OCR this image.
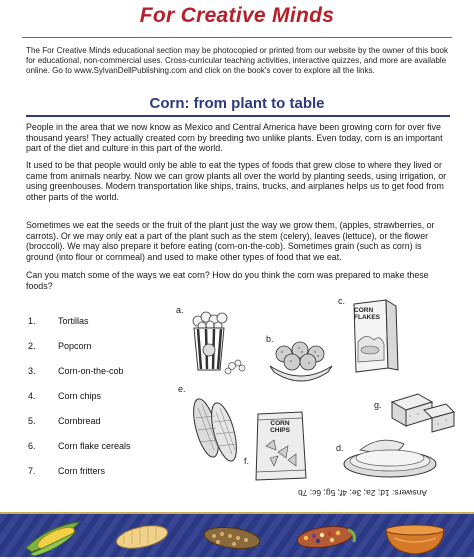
For Creative Minds
The For Creative Minds educational section may be photocopied or printed from our website by the owner of this book for educational, non-commercial uses. Cross-curricular teaching activities, interactive quizzes, and more are available online. Go to www.SylvanDellPublishing.com and click on the book's cover to explore all the links.
Corn: from plant to table
People in the area that we now know as Mexico and Central America have been growing corn for over five thousand years! They actually created corn by breeding two unlike plants. Even today, corn is an important part of the diet and culture in this part of the world.
It used to be that people would only be able to eat the types of foods that grew close to where they lived or came from animals nearby. Now we can grow plants all over the world by planting seeds, using irrigation, or using greenhouses. Modern transportation like ships, trains, trucks, and airplanes helps us to get food from other parts of the world.
Sometimes we eat the seeds or the fruit of the plant just the way we grow them, (apples, strawberries, or carrots). Or we may only eat a part of the plant such as the stem (celery), leaves (lettuce), or the flower (broccoli). We may also prepare it before eating (corn-on-the-cob). Sometimes grain (such as corn) is ground (into flour or cornmeal) and used to make other types of food that we eat.
Can you match some of the ways we eat corn? How do you think the corn was prepared to make these foods?
1. Tortillas
2. Popcorn
3. Corn-on-the-cob
4. Corn chips
5. Cornbread
6. Corn flake cereals
7. Corn fritters
a.
b.
c.
d.
e.
f.
g.
CORN FLAKES
CORN CHIPS
Answers: 1d; 2a; 3e; 4f; 5g; 6c; 7b
